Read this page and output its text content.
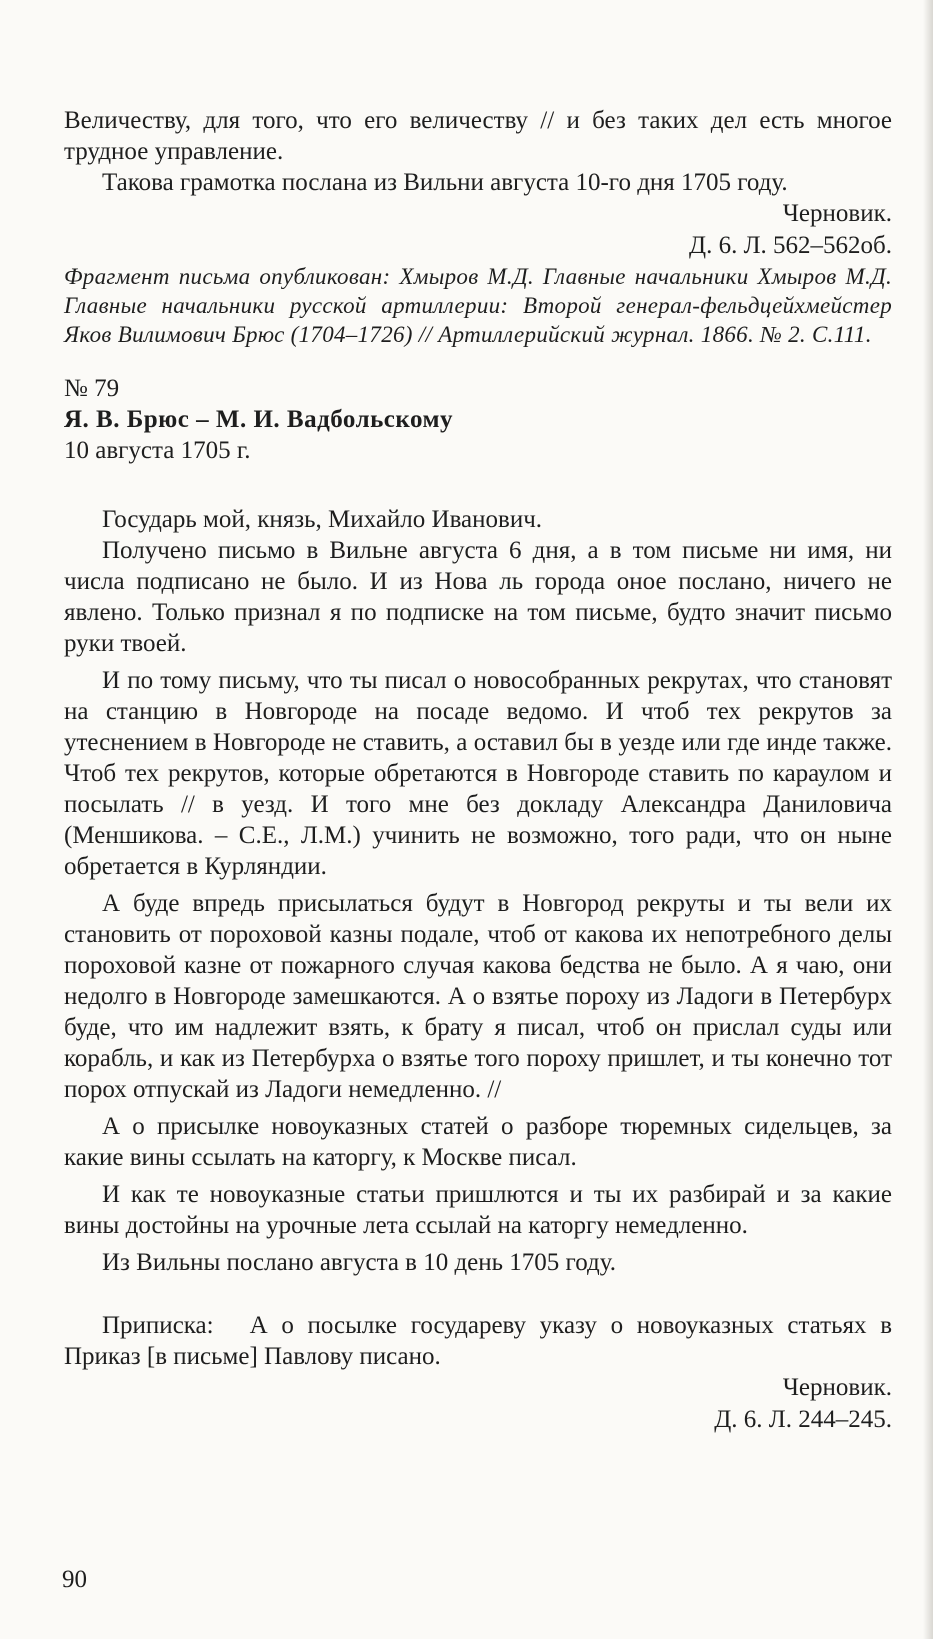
Величеству, для того, что его величеству // и без таких дел есть многое трудное управление.

Такова грамотка послана из Вильни августа 10-го дня 1705 году.

Черновик.

Д. 6. Л. 562–562об.

Фрагмент письма опубликован: Хмыров М.Д. Главные начальники Хмыров М.Д. Главные начальники русской артиллерии: Второй генерал-фельдцейхмейстер Яков Вилимович Брюс (1704–1726) // Артиллерийский журнал. 1866. № 2. С.111.

№ 79

Я. В. Брюс – М. И. Вадбольскому

10 августа 1705 г.

Государь мой, князь, Михайло Иванович.

Получено письмо в Вильне августа 6 дня, а в том письме ни имя, ни числа подписано не было. И из Нова ль города оное послано, ничего не явлено. Только признал я по подписке на том письме, будто значит письмо руки твоей.

И по тому письму, что ты писал о новособранных рекрутах, что становят на станцию в Новгороде на посаде ведомо. И чтоб тех рекрутов за утеснением в Новгороде не ставить, а оставил бы в уезде или где инде также. Чтоб тех рекрутов, которые обретаются в Новгороде ставить по караулом и посылать // в уезд. И того мне без докладу Александра Даниловича (Меншикова. – С.Е., Л.М.) учинить не возможно, того ради, что он ныне обретается в Курляндии.

А буде впредь присылаться будут в Новгород рекруты и ты вели их становить от пороховой казны подале, чтоб от какова их непотребного делы пороховой казне от пожарного случая какова бедства не было. А я чаю, они недолго в Новгороде замешкаются. А о взятье пороху из Ладоги в Петербурх буде, что им надлежит взять, к брату я писал, чтоб он прислал суды или корабль, и как из Петербурха о взятье того пороху пришлет, и ты конечно тот порох отпускай из Ладоги немедленно. //

А о присылке новоуказных статей о разборе тюремных сидельцев, за какие вины ссылать на каторгу, к Москве писал.

И как те новоуказные статьи пришлются и ты их разбирай и за какие вины достойны на урочные лета ссылай на каторгу немедленно.

Из Вильны послано августа в 10 день 1705 году.

Приписка: А о посылке государеву указу о новоуказных статьях в Приказ [в письме] Павлову писано.

Черновик.

Д. 6. Л. 244–245.

90
